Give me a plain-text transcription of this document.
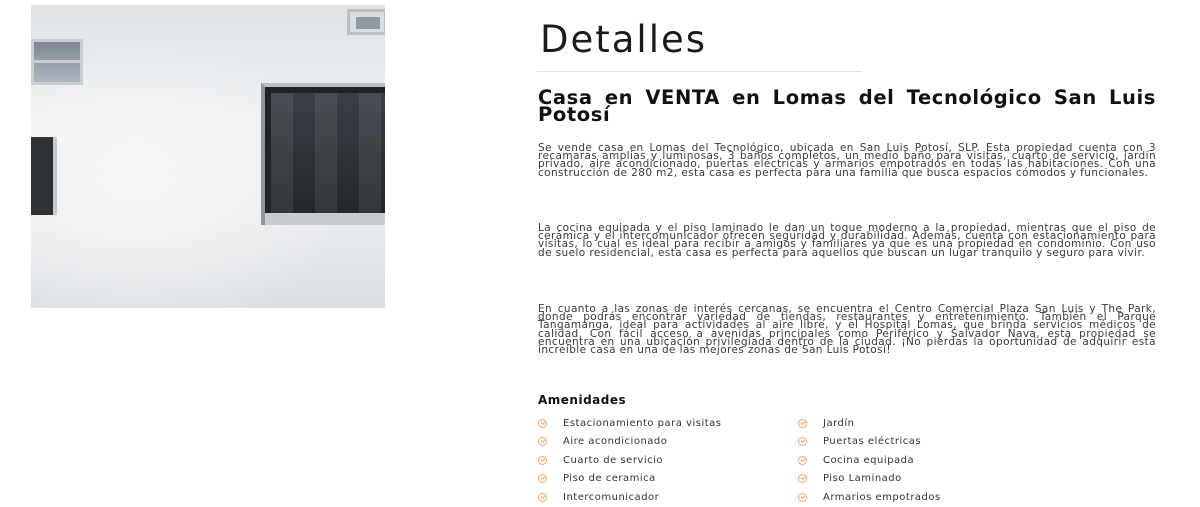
Detalles
Casa en VENTA en Lomas del Tecnológico San Luis Potosí

Se vende casa en Lomas del Tecnológico, ubicada en San Luis Potosí, SLP. Esta propiedad cuenta con 3 recamaras amplias y luminosas, 3 baños completos, un medio baño para visitas, cuarto de servicio, jardín privado, aire acondicionado, puertas eléctricas y armarios empotrados en todas las habitaciones. Con una construcción de 280 m2, esta casa es perfecta para una familia que busca espacios cómodos y funcionales.

La cocina equipada y el piso laminado le dan un toque moderno a la propiedad, mientras que el piso de cerámica y el intercomunicador ofrecen seguridad y durabilidad. Además, cuenta con estacionamiento para visitas, lo cual es ideal para recibir a amigos y familiares ya que es una propiedad en condominio. Con uso de suelo residencial, esta casa es perfecta para aquellos que buscan un lugar tranquilo y seguro para vivir.

En cuanto a las zonas de interés cercanas, se encuentra el Centro Comercial Plaza San Luis y The Park, donde podrás encontrar variedad de tiendas, restaurantes y entretenimiento. También el Parque Tangamanga, ideal para actividades al aire libre, y el Hospital Lomas, que brinda servicios médicos de calidad. Con fácil acceso a avenidas principales como Periférico y Salvador Nava, esta propiedad se encuentra en una ubicación privilegiada dentro de la ciudad. ¡No pierdas la oportunidad de adquirir esta increíble casa en una de las mejores zonas de San Luis Potosí!

Amenidades
Estacionamiento para visitas	Jardín
Aire acondicionado	Puertas eléctricas
Cuarto de servicio	Cocina equipada
Piso de ceramica	Piso Laminado
Intercomunicador	Armarios empotrados
